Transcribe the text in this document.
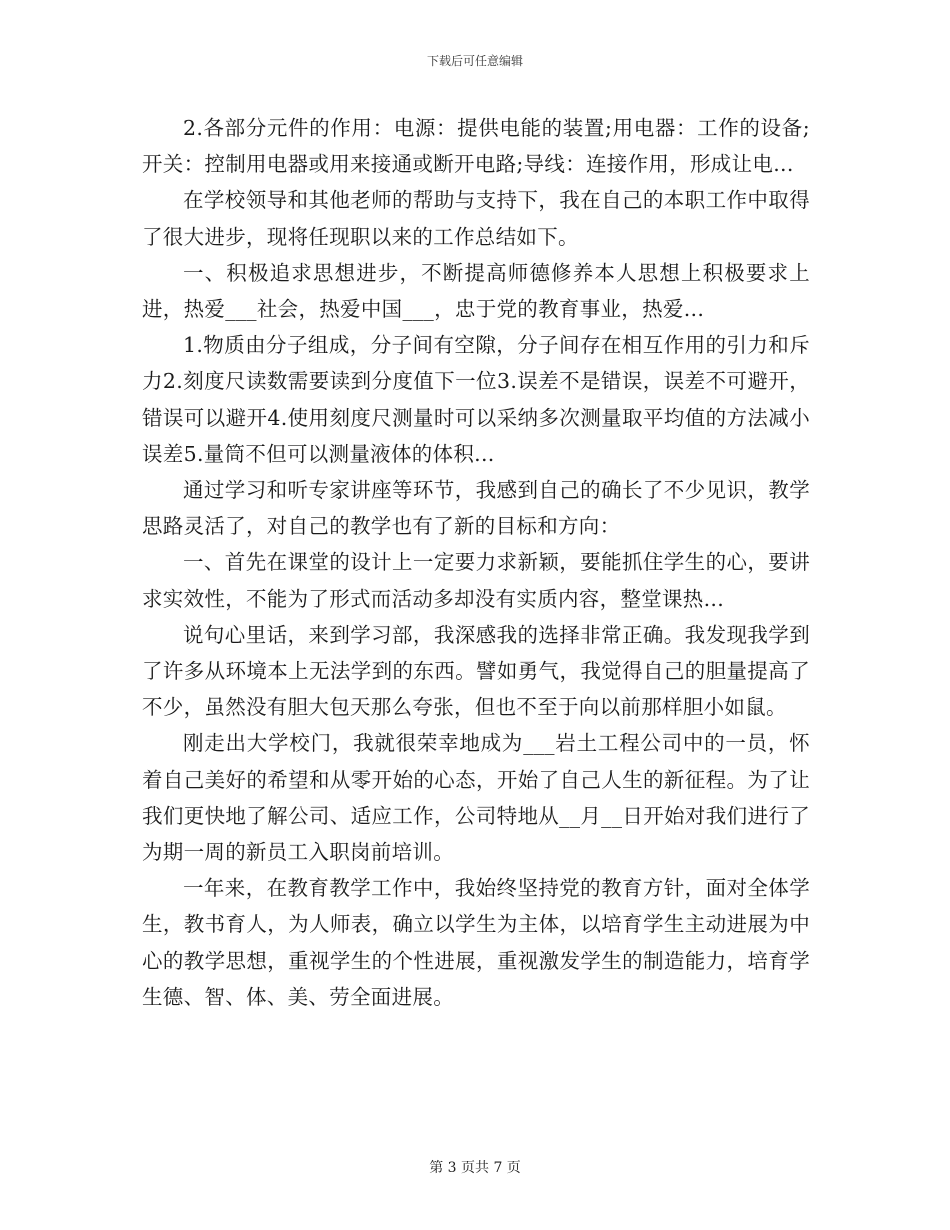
下载后可任意编辑

2.各部分元件的作用：电源：提供电能的装置;用电器：工作的设备;开关：控制用电器或用来接通或断开电路;导线：连接作用，形成让电...

在学校领导和其他老师的帮助与支持下，我在自己的本职工作中取得了很大进步，现将任现职以来的工作总结如下。

一、积极追求思想进步，不断提高师德修养本人思想上积极要求上进，热爱___社会，热爱中国___，忠于党的教育事业，热爱...

1.物质由分子组成，分子间有空隙，分子间存在相互作用的引力和斥力2.刻度尺读数需要读到分度值下一位3.误差不是错误，误差不可避开，错误可以避开4.使用刻度尺测量时可以采纳多次测量取平均值的方法减小误差5.量筒不但可以测量液体的体积...

通过学习和听专家讲座等环节，我感到自己的确长了不少见识，教学思路灵活了，对自己的教学也有了新的目标和方向：

一、首先在课堂的设计上一定要力求新颖，要能抓住学生的心，要讲求实效性，不能为了形式而活动多却没有实质内容，整堂课热...

说句心里话，来到学习部，我深感我的选择非常正确。我发现我学到了许多从环境本上无法学到的东西。譬如勇气，我觉得自己的胆量提高了不少，虽然没有胆大包天那么夸张，但也不至于向以前那样胆小如鼠。

刚走出大学校门，我就很荣幸地成为___岩土工程公司中的一员，怀着自己美好的希望和从零开始的心态，开始了自己人生的新征程。为了让我们更快地了解公司、适应工作，公司特地从__月__日开始对我们进行了为期一周的新员工入职岗前培训。

一年来，在教育教学工作中，我始终坚持党的教育方针，面对全体学生，教书育人，为人师表，确立以学生为主体，以培育学生主动进展为中心的教学思想，重视学生的个性进展，重视激发学生的制造能力，培育学生德、智、体、美、劳全面进展。

第 3 页共 7 页
